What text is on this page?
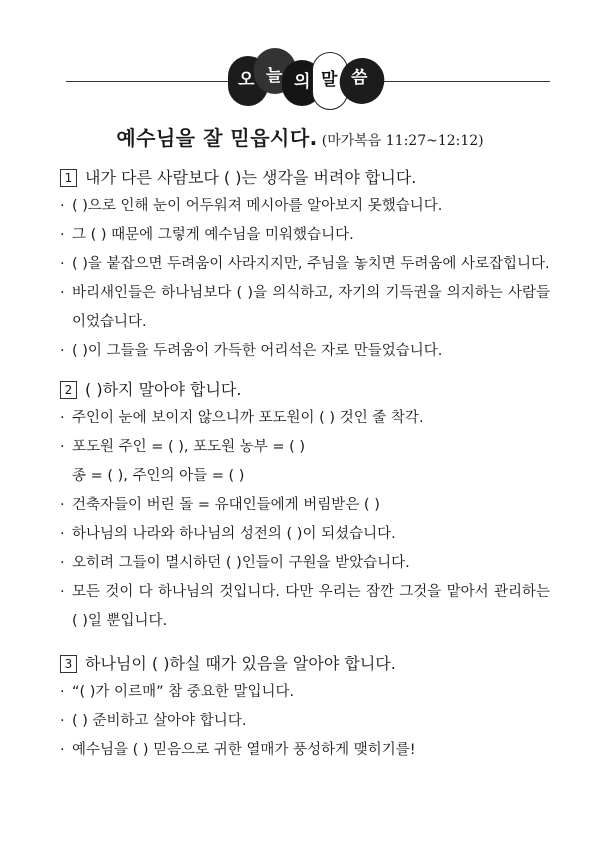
오 늘 의 말 씀
예수님을 잘 믿읍시다. (마가복음 11:27~12:12)
1 내가 다른 사람보다 ( )는 생각을 버려야 합니다.
· ( )으로 인해 눈이 어두워져 메시아를 알아보지 못했습니다.
· 그 ( ) 때문에 그렇게 예수님을 미워했습니다.
· ( )을 붙잡으면 두려움이 사라지지만, 주님을 놓치면 두려움에 사로잡힙니다.
· 바리새인들은 하나님보다 ( )을 의식하고, 자기의 기득권을 의지하는 사람들이었습니다.
· ( )이 그들을 두려움이 가득한 어리석은 자로 만들었습니다.
2 ( )하지 말아야 합니다.
· 주인이 눈에 보이지 않으니까 포도원이 ( ) 것인 줄 착각.
· 포도원 주인 = ( ), 포도원 농부 = ( )
종 = ( ), 주인의 아들 = ( )
· 건축자들이 버린 돌 = 유대인들에게 버림받은 ( )
· 하나님의 나라와 하나님의 성전의 ( )이 되셨습니다.
· 오히려 그들이 멸시하던 ( )인들이 구원을 받았습니다.
· 모든 것이 다 하나님의 것입니다. 다만 우리는 잠깐 그것을 맡아서 관리하는 ( )일 뿐입니다.
3 하나님이 ( )하실 때가 있음을 알아야 합니다.
· “( )가 이르매” 참 중요한 말입니다.
· ( ) 준비하고 살아야 합니다.
· 예수님을 ( ) 믿음으로 귀한 열매가 풍성하게 맺히기를!
